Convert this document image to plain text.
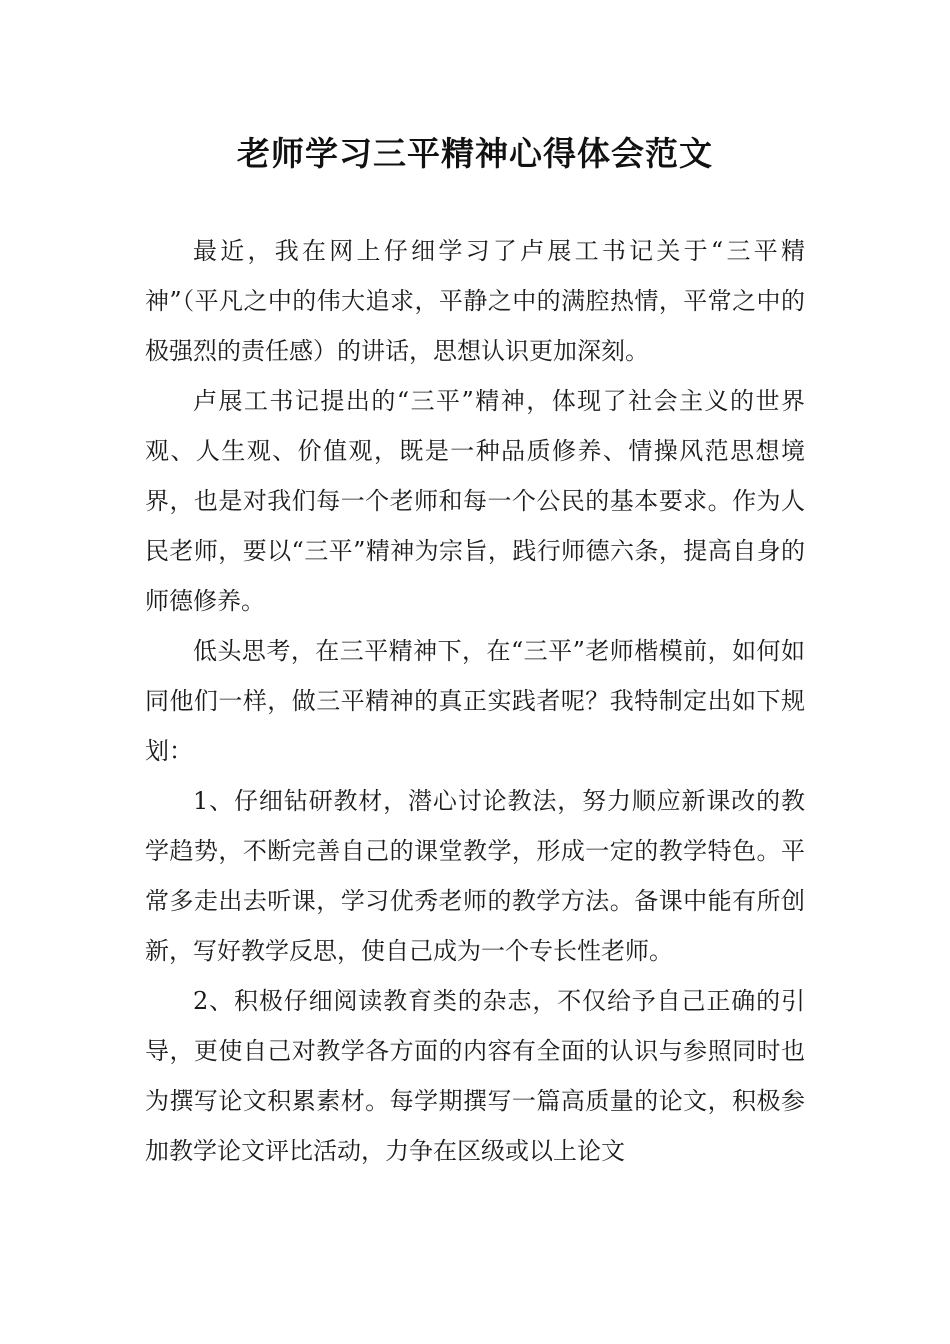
老师学习三平精神心得体会范文

最近，我在网上仔细学习了卢展工书记关于“三平精神”（平凡之中的伟大追求，平静之中的满腔热情，平常之中的极强烈的责任感）的讲话，思想认识更加深刻。

卢展工书记提出的“三平”精神，体现了社会主义的世界观、人生观、价值观，既是一种品质修养、情操风范思想境界，也是对我们每一个老师和每一个公民的基本要求。作为人民老师，要以“三平”精神为宗旨，践行师德六条，提高自身的师德修养。

低头思考，在三平精神下，在“三平”老师楷模前，如何如同他们一样，做三平精神的真正实践者呢？我特制定出如下规划：

1、仔细钻研教材，潜心讨论教法，努力顺应新课改的教学趋势，不断完善自己的课堂教学，形成一定的教学特色。平常多走出去听课，学习优秀老师的教学方法。备课中能有所创新，写好教学反思，使自己成为一个专长性老师。

2、积极仔细阅读教育类的杂志，不仅给予自己正确的引导，更使自己对教学各方面的内容有全面的认识与参照同时也为撰写论文积累素材。每学期撰写一篇高质量的论文，积极参加教学论文评比活动，力争在区级或以上论文
